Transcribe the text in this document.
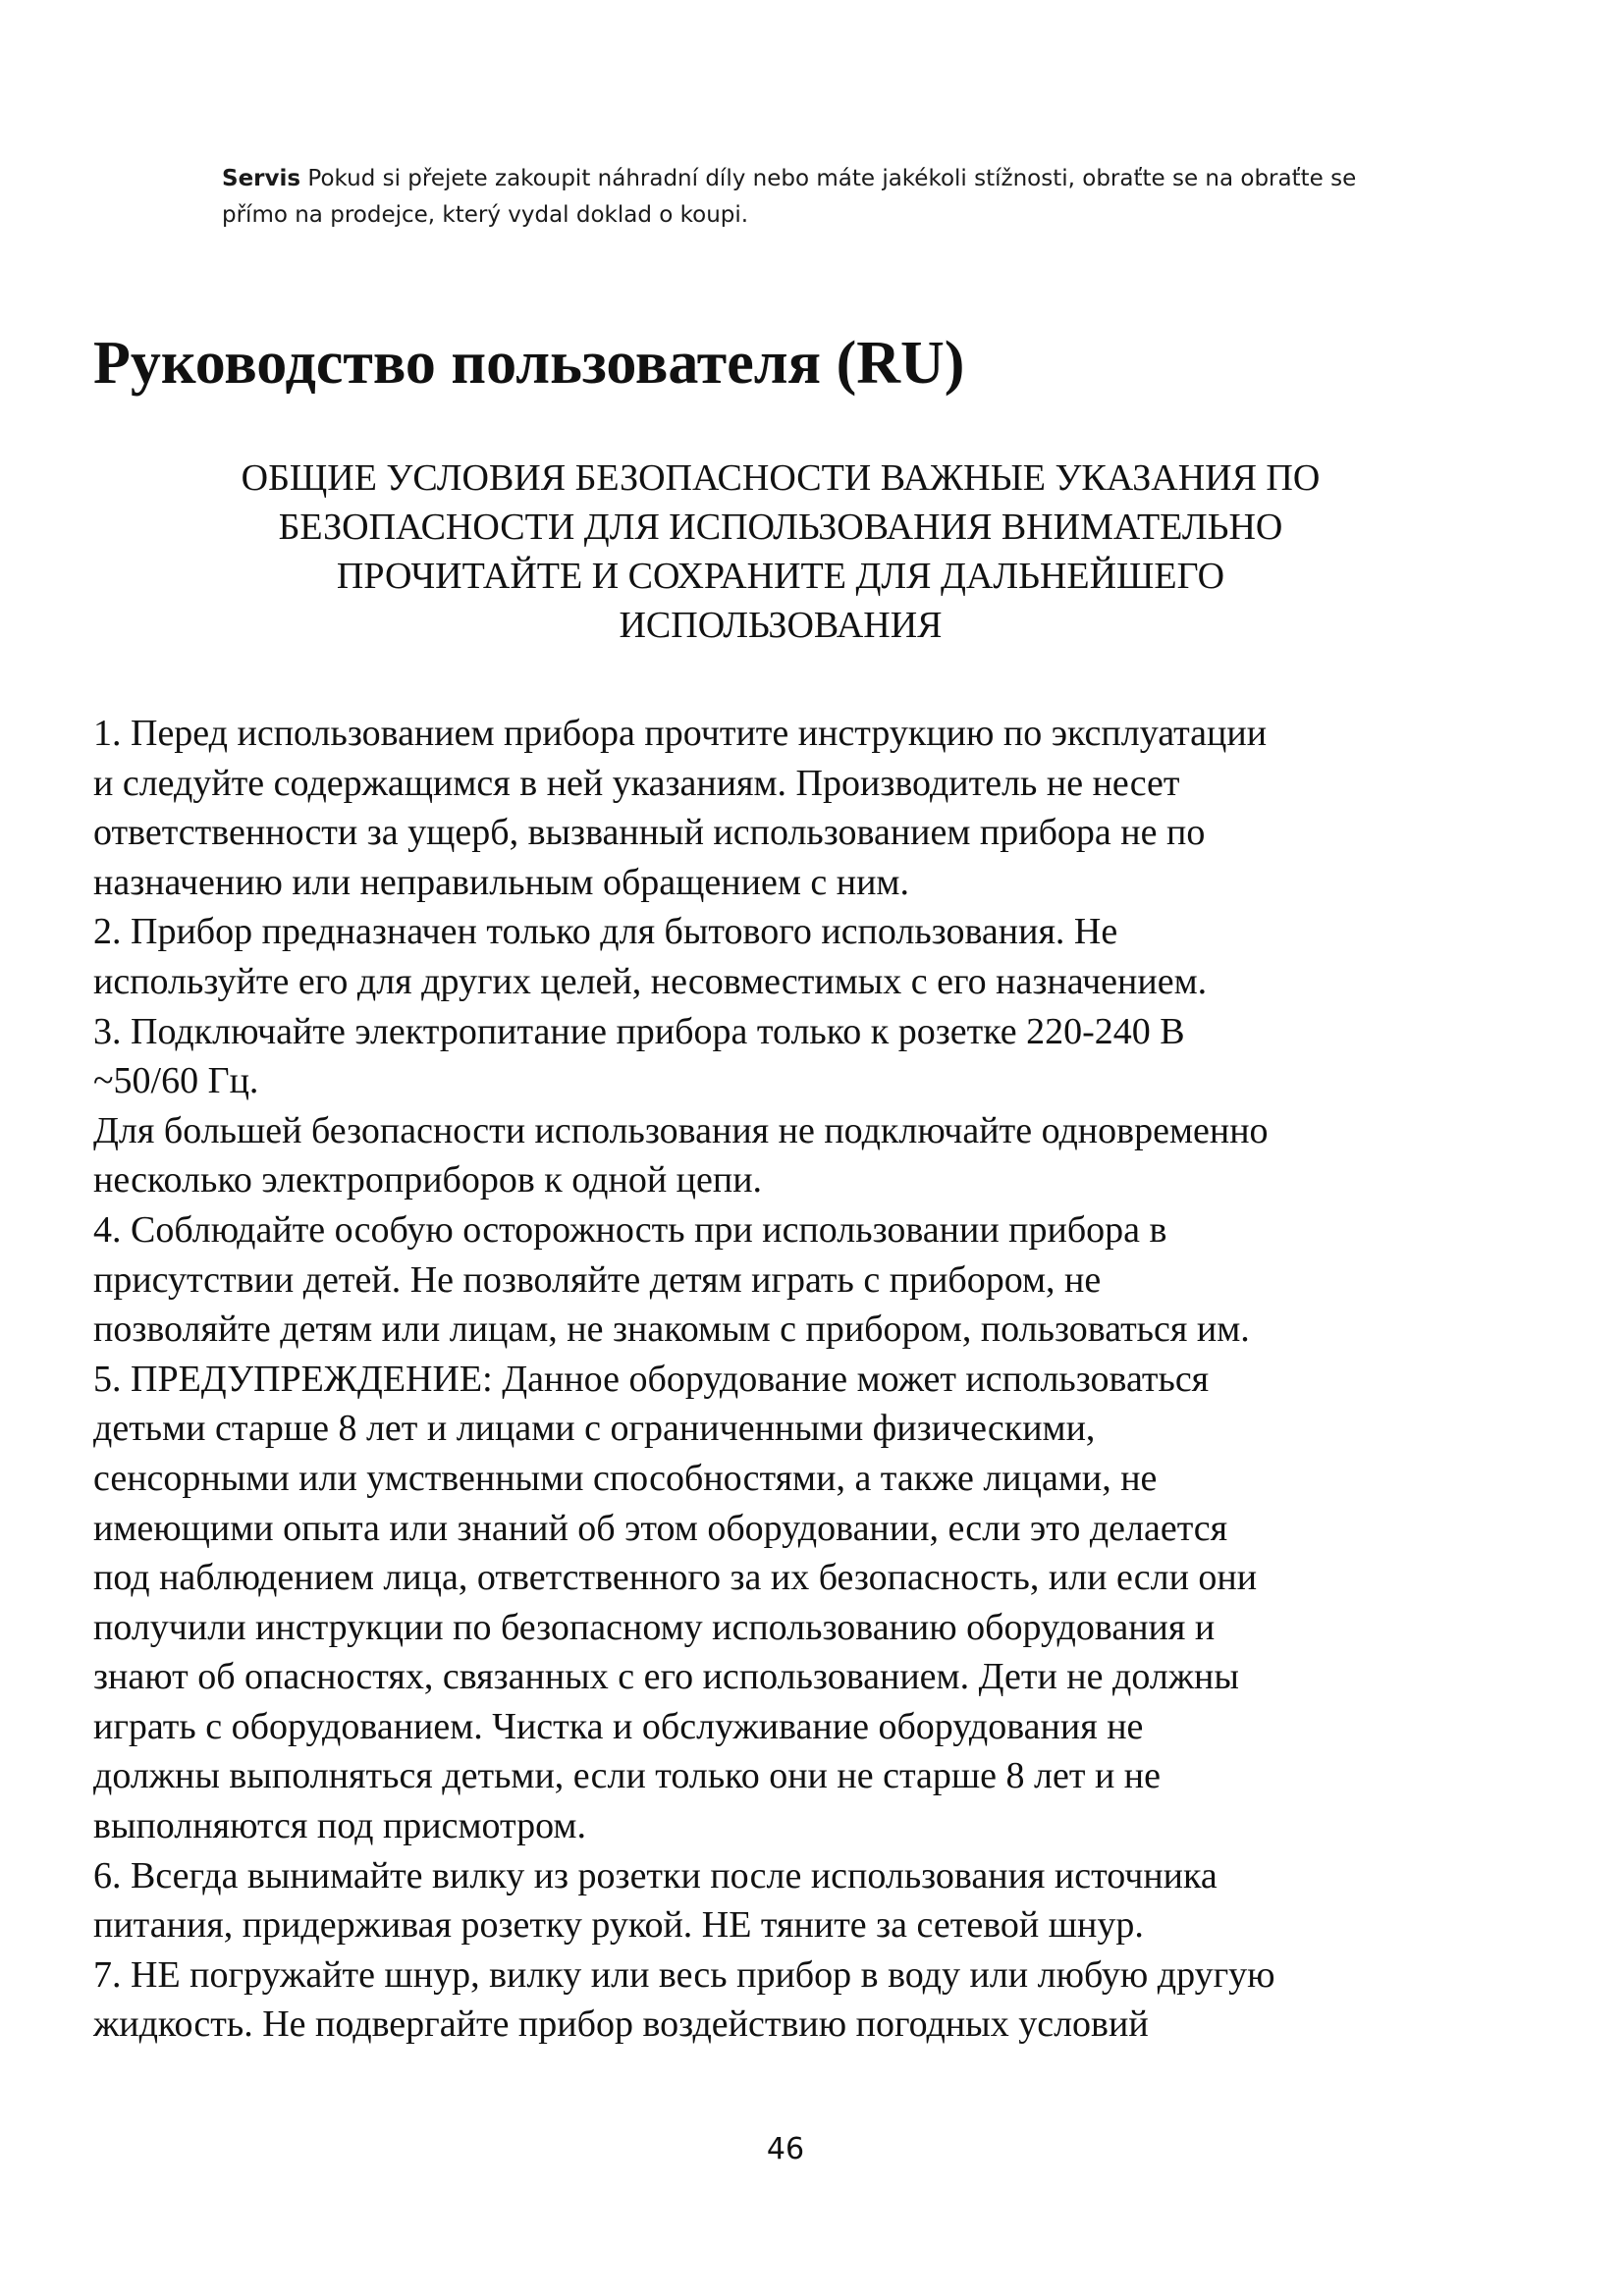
Servis Pokud si přejete zakoupit náhradní díly nebo máte jakékoli stížnosti, obraťte se na obraťte se
přímo na prodejce, který vydal doklad o koupi.
Руководство пользователя (RU)
ОБЩИЕ УСЛОВИЯ БЕЗОПАСНОСТИ ВАЖНЫЕ УКАЗАНИЯ ПО
БЕЗОПАСНОСТИ ДЛЯ ИСПОЛЬЗОВАНИЯ ВНИМАТЕЛЬНО
ПРОЧИТАЙТЕ И СОХРАНИТЕ ДЛЯ ДАЛЬНЕЙШЕГО
ИСПОЛЬЗОВАНИЯ
1. Перед использованием прибора прочтите инструкцию по эксплуатации
и следуйте содержащимся в ней указаниям. Производитель не несет
ответственности за ущерб, вызванный использованием прибора не по
назначению или неправильным обращением с ним.
2. Прибор предназначен только для бытового использования. Не
используйте его для других целей, несовместимых с его назначением.
3. Подключайте электропитание прибора только к розетке 220-240 В
~50/60 Гц.
Для большей безопасности использования не подключайте одновременно
несколько электроприборов к одной цепи.
4. Соблюдайте особую осторожность при использовании прибора в
присутствии детей. Не позволяйте детям играть с прибором, не
позволяйте детям или лицам, не знакомым с прибором, пользоваться им.
5. ПРЕДУПРЕЖДЕНИЕ: Данное оборудование может использоваться
детьми старше 8 лет и лицами с ограниченными физическими,
сенсорными или умственными способностями, а также лицами, не
имеющими опыта или знаний об этом оборудовании, если это делается
под наблюдением лица, ответственного за их безопасность, или если они
получили инструкции по безопасному использованию оборудования и
знают об опасностях, связанных с его использованием. Дети не должны
играть с оборудованием. Чистка и обслуживание оборудования не
должны выполняться детьми, если только они не старше 8 лет и не
выполняются под присмотром.
6. Всегда вынимайте вилку из розетки после использования источника
питания, придерживая розетку рукой. НЕ тяните за сетевой шнур.
7. НЕ погружайте шнур, вилку или весь прибор в воду или любую другую
жидкость. Не подвергайте прибор воздействию погодных условий
46
